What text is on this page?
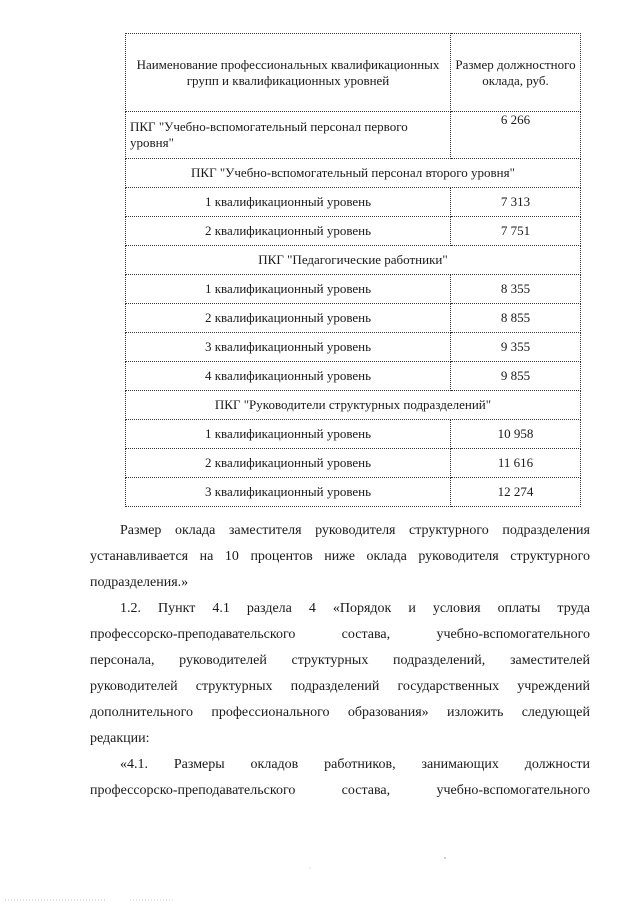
Наименование профессиональных квалификационных групп и квалификационных уровней	Размер должностного оклада, руб.
ПКГ "Учебно-вспомогательный персонал первого уровня"	6 266
ПКГ "Учебно-вспомогательный персонал второго уровня"	
1 квалификационный уровень	7 313
2 квалификационный уровень	7 751
ПКГ "Педагогические работники"	
1 квалификационный уровень	8 355
2 квалификационный уровень	8 855
3 квалификационный уровень	9 355
4 квалификационный уровень	9 855
ПКГ "Руководители структурных подразделений"	
1 квалификационный уровень	10 958
2 квалификационный уровень	11 616
3 квалификационный уровень	12 274
Размер оклада заместителя руководителя структурного подразделения
устанавливается на 10 процентов ниже оклада руководителя структурного
подразделения.»
1.2. Пункт 4.1 раздела 4 «Порядок и условия оплаты труда
профессорско-преподавательского состава, учебно-вспомогательного
персонала, руководителей структурных подразделений, заместителей
руководителей структурных подразделений государственных учреждений
дополнительного профессионального образования» изложить следующей
редакции:
«4.1. Размеры окладов работников, занимающих должности
профессорско-преподавательского состава, учебно-вспомогательного
